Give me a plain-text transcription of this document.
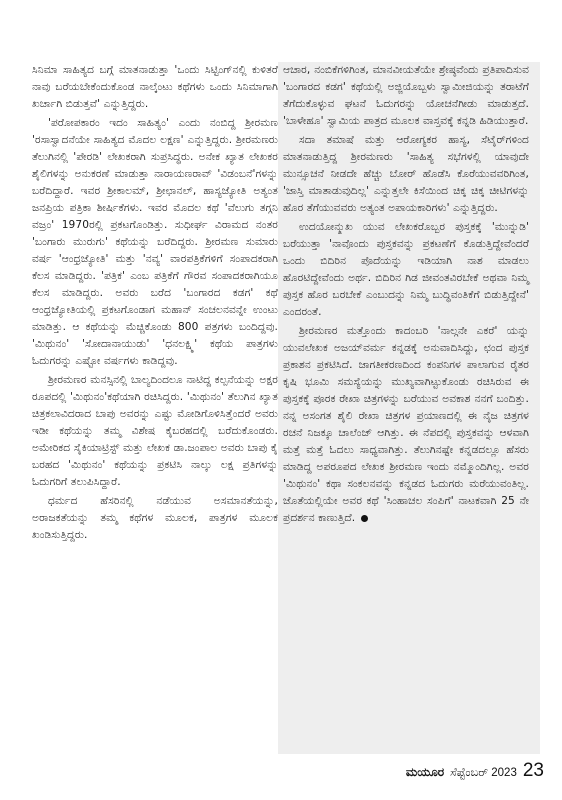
ಸಿನಿಮಾ ಸಾಹಿತ್ಯದ ಬಗ್ಗೆ ಮಾತನಾಡುತ್ತಾ 'ಒಂದು ಸಿಟ್ಟಿಂಗ್‌ನಲ್ಲಿ ಕುಳಿತರೆ ನಾವು ಬರೆಯಬೇಕೆಂದುಕೊಂಡ ನಾಲ್ಕೆಂಟು ಕಥೆಗಳು ಒಂದು ಸಿನಿಮಾಗಾಗಿ ಖರ್ಚಾಗಿ ಬಿಡುತ್ತವೆ' ಎನ್ನುತ್ತಿದ್ದರು.

'ಪರೋಪಕಾರಂ ಇದಂ ಸಾಹಿತ್ಯಂ' ಎಂದು ನಂಬಿದ್ದ ಶ್ರೀರಮಣ 'ರಸಾಸ್ವಾದನೆಯೇ ಸಾಹಿತ್ಯದ ಮೊದಲ ಲಕ್ಷಣ' ಎನ್ನುತ್ತಿದ್ದರು. ಶ್ರೀರಮಣರು ತೆಲುಗಿನಲ್ಲಿ 'ಪೇರಡಿ' ಲೇಖಕರಾಗಿ ಸುಪ್ರಸಿದ್ಧರು. ಅನೇಕ ಖ್ಯಾತ ಲೇಖಕರ ಶೈಲಿಗಳನ್ನು ಅನುಕರಣೆ ಮಾಡುತ್ತಾ ನಾರಾಯಣರಾವ್ 'ವಿಡಂಬನೆ'ಗಳನ್ನು ಬರೆದಿದ್ದಾರೆ. ಇವರ ಶ್ರೀಕಾಲಮ್, ಶ್ರೀಛಾನಲ್, ಹಾಸ್ಯಜ್ಯೋತಿ ಅತ್ಯಂತ ಜನಪ್ರಿಯ ಪತ್ರಿಕಾ ಶೀರ್ಷಿಕೆಗಳು. ಇವರ ಮೊದಲ ಕಥೆ 'ವೆಲುಗು ತಗ್ಗನಿ ವಜ್ರಂ' 1970ರಲ್ಲಿ ಪ್ರಕಟಗೊಂಡಿತ್ತು. ಸುಧೀರ್ಘ ವಿರಾಮದ ನಂತರ 'ಬಂಗಾರು ಮುರುಗು' ಕಥೆಯನ್ನು ಬರೆದಿದ್ದರು. ಶ್ರೀರಮಣ ಸುಮಾರು ವರ್ಷ 'ಆಂಧ್ರಜ್ಯೋತಿ' ಮತ್ತು 'ನವ್ಯ' ವಾರಪತ್ರಿಕೆಗಳಿಗೆ ಸಂಪಾದಕರಾಗಿ ಕೆಲಸ ಮಾಡಿದ್ದರು. 'ಪತ್ರಿಕ' ಎಂಬ ಪತ್ರಿಕೆಗೆ ಗೌರವ ಸಂಪಾದಕರಾಗಿಯೂ ಕೆಲಸ ಮಾಡಿದ್ದರು. ಅವರು ಬರೆದ 'ಬಂಗಾರದ ಕಡಗ' ಕಥೆ ಆಂಧ್ರಜ್ಯೋತಿಯಲ್ಲಿ ಪ್ರಕಟಗೊಂಡಾಗ ಮಹಾನ್ ಸಂಚಲನವನ್ನೇ ಉಂಟು ಮಾಡಿತ್ತು. ಆ ಕಥೆಯನ್ನು ಮೆಚ್ಚಿಕೊಂಡು 800 ಪತ್ರಗಳು ಬಂದಿದ್ದವು. 'ಮಿಥುನಂ' 'ಸೋದಾನಾಯುಡು' 'ಧನಲಕ್ಷ್ಮಿ' ಕಥೆಯ ಪಾತ್ರಗಳು ಓದುಗರನ್ನು ಎಷ್ಟೋ ವರ್ಷಗಳು ಕಾಡಿದ್ದವು.

ಶ್ರೀರಮಣರ ಮನಸ್ಸಿನಲ್ಲಿ ಬಾಲ್ಯದಿಂದಲೂ ನಾಟಿದ್ದ ಕಲ್ಪನೆಯನ್ನು ಅಕ್ಷರ ರೂಪದಲ್ಲಿ 'ಮಿಥುನಂ'ಕಥೆಯಾಗಿ ರಚಿಸಿದ್ದರು. 'ಮಿಥುನಂ' ತೆಲುಗಿನ ಖ್ಯಾತ ಚಿತ್ರಕಲಾವಿದರಾದ ಬಾಪು ಅವರನ್ನು ಎಷ್ಟು ಮೋಡಿಗೊಳಿಸಿತ್ತೆಂದರೆ ಅವರು ಇಡೀ ಕಥೆಯನ್ನು ತಮ್ಮ ವಿಶೇಷ ಕೈಬರಹದಲ್ಲಿ ಬರೆದುಕೊಂಡರು. ಅಮೇರಿಕದ ಸೈಕಿಯಾಟ್ರಿಸ್ಟ್ ಮತ್ತು ಲೇಖಕ ಡಾ.ಜಂಪಾಲ ಅವರು ಬಾಪು ಕೈ ಬರಹದ 'ಮಿಥುನಂ' ಕಥೆಯನ್ನು ಪ್ರಕಟಿಸಿ ನಾಲ್ಕು ಲಕ್ಷ ಪ್ರತಿಗಳನ್ನು ಓದುಗರಿಗೆ ತಲುಪಿಸಿದ್ದಾರೆ.

ಧರ್ಮದ ಹೆಸರಿನಲ್ಲಿ ನಡೆಯುವ ಅಸಮಾನತೆಯನ್ನು, ಅರಾಜಕತೆಯನ್ನು ತಮ್ಮ ಕಥೆಗಳ ಮೂಲಕ, ಪಾತ್ರಗಳ ಮೂಲಕ ಖಂಡಿಸುತ್ತಿದ್ದರು.

ಆಚಾರ, ನಂಬಿಕೆಗಳಿಗಿಂತ, ಮಾನವೀಯತೆಯೇ ಶ್ರೇಷ್ಠವೆಂದು ಪ್ರತಿಪಾದಿಸುವ 'ಬಂಗಾರದ ಕಡಗ' ಕಥೆಯಲ್ಲಿ ಅಜ್ಜಿಯೊಬ್ಬಳು ಸ್ವಾಮೀಜಿಯನ್ನು ತರಾಟೆಗೆ ತೆಗೆದುಕೊಳ್ಳುವ ಘಟನೆ ಓದುಗರನ್ನು ಯೋಚನೆಗೀಡು ಮಾಡುತ್ತದೆ. 'ಬಾಳೇಹೂ' ಸ್ವಾಮಿಯ ಪಾತ್ರದ ಮೂಲಕ ವಾಸ್ತವಕ್ಕೆ ಕನ್ನಡಿ ಹಿಡಿಯುತ್ತಾರೆ.

ಸದಾ ತಮಾಷೆ ಮತ್ತು ಆರೋಗ್ಯಕರ ಹಾಸ್ಯ, ಸೆಟೈರ್‌ಗಳಿಂದ ಮಾತನಾಡುತ್ತಿದ್ದ ಶ್ರೀರಮಣರು 'ಸಾಹಿತ್ಯ ಸಭೆಗಳಲ್ಲಿ ಯಾವುದೇ ಮುನ್ಸೂಚನೆ ನೀಡದೇ ಹೆಚ್ಚು ಬೋರ್ ಹೊಡೆಸಿ ಕೊರೆಯುವವರಿಗಿಂತ, 'ಜಾಸ್ತಿ ಮಾತಾಡುವುದಿಲ್ಲ' ಎನ್ನುತ್ತಲೇ ಕಿಸೆಯಿಂದ ಚಿಕ್ಕ ಚಿಕ್ಕ ಚೀಟಿಗಳನ್ನು ಹೊರ ತೆಗೆಯುವವರು ಅತ್ಯಂತ ಅಪಾಯಕಾರಿಗಳು' ಎನ್ನುತ್ತಿದ್ದರು.

ಉದಯೋನ್ಮುಖ ಯುವ ಲೇಖಕರೊಬ್ಬರ ಪುಸ್ತಕಕ್ಕೆ 'ಮುನ್ನುಡಿ' ಬರೆಯುತ್ತಾ 'ನಾವೊಂದು ಪುಸ್ತಕವನ್ನು ಪ್ರಕಟಣೆಗೆ ಕೊಡುತ್ತಿದ್ದೇವೆಂದರೆ ಒಂದು ಬಿದಿರಿನ ಪೊದೆಯನ್ನು ಇಡಿಯಾಗಿ ನಾಶ ಮಾಡಲು ಹೊರಟಿದ್ದೇವೆಂದು ಅರ್ಥ. ಬಿದಿರಿನ ಗಿಡ ಜೀವಂತವಿರಬೇಕೆ ಅಥವಾ ನಿಮ್ಮ ಪುಸ್ತಕ ಹೊರ ಬರಬೇಕೆ ಎಂಬುದನ್ನು ನಿಮ್ಮ ಬುದ್ಧಿವಂತಿಕೆಗೆ ಬಿಡುತ್ತಿದ್ದೇನೆ' ಎಂದರಂತೆ.

ಶ್ರೀರಮಣರ ಮತ್ತೊಂದು ಕಾದಂಬರಿ 'ನಾಲ್ಗನೇ ಎಕರೆ' ಯನ್ನು ಯುವಲೇಖಕ ಅಜಯ್‌ವರ್ಮ ಕನ್ನಡಕ್ಕೆ ಅನುವಾದಿಸಿದ್ದು, ಛಂದ ಪುಸ್ತಕ ಪ್ರಕಾಶನ ಪ್ರಕಟಿಸಿದೆ. ಜಾಗತೀಕರಣದಿಂದ ಕಂಪನಿಗಳ ಪಾಲಾಗುವ ರೈತರ ಕೃಷಿ ಭೂಮಿ ಸಮಸ್ಯೆಯನ್ನು ಮುಖ್ಯವಾಗಿಟ್ಟುಕೊಂಡು ರಚಿಸಿರುವ ಈ ಪುಸ್ತಕಕ್ಕೆ ಪೂರಕ ರೇಖಾ ಚಿತ್ರಗಳನ್ನು ಬರೆಯುವ ಅವಕಾಶ ನನಗೆ ಬಂದಿತ್ತು. ನನ್ನ ಅಸಂಗತ ಶೈಲಿ ರೇಖಾ ಚಿತ್ರಗಳ ಪ್ರಯಾಣದಲ್ಲಿ ಈ ನೈಜ ಚಿತ್ರಗಳ ರಚನೆ ನಿಜಕ್ಕೂ ಚಾಲೆಂಜ್ ಆಗಿತ್ತು. ಈ ನೆಪದಲ್ಲಿ ಪುಸ್ತಕವನ್ನು ಆಳವಾಗಿ ಮತ್ತೆ ಮತ್ತೆ ಓದಲು ಸಾಧ್ಯವಾಗಿತ್ತು. ತೆಲುಗಿನಷ್ಟೇ ಕನ್ನಡದಲ್ಲೂ ಹೆಸರು ಮಾಡಿದ್ದ ಅಪರೂಪದ ಲೇಖಕ ಶ್ರೀರಮಣ ಇಂದು ನಮ್ಮೊಂದಿಗಿಲ್ಲ. ಅವರ 'ಮಿಥುನಂ' ಕಥಾ ಸಂಕಲನವನ್ನು ಕನ್ನಡದ ಓದುಗರು ಮರೆಯುವಂತಿಲ್ಲ. ಜೊತೆಯಲ್ಲಿಯೇ ಅವರ ಕಥೆ 'ಸಿಂಹಾಚಲ ಸಂಪಿಗೆ' ನಾಟಕವಾಗಿ 25 ನೇ ಪ್ರದರ್ಶನ ಕಾಣುತ್ತಿದೆ.

ಮಯೂರ ಸೆಪ್ಟೆಂಬರ್ 2023 23
